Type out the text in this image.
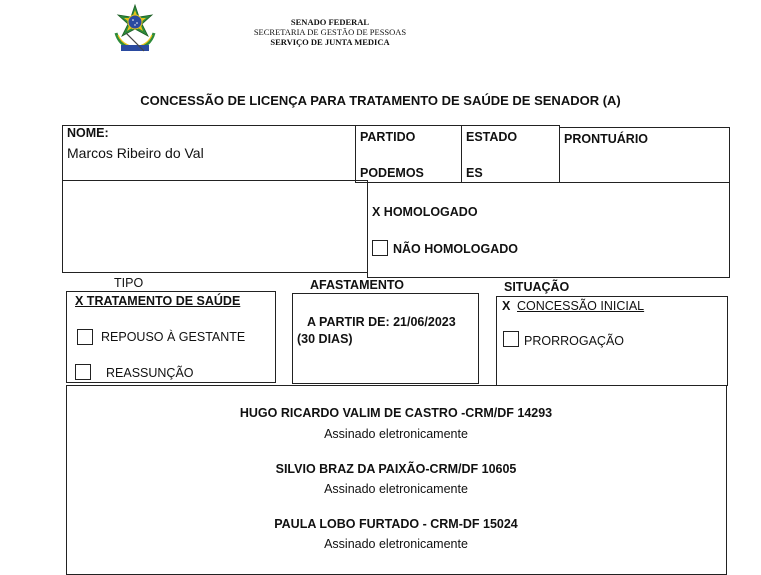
SENADO FEDERAL
SECRETARIA DE GESTÃO DE PESSOAS
SERVIÇO DE JUNTA MEDICA
CONCESSÃO DE LICENÇA PARA TRATAMENTO DE SAÚDE DE SENADOR (A)
NOME:
Marcos Ribeiro do Val
PARTIDO
PODEMOS
ESTADO
ES
PRONTUÁRIO
X HOMOLOGADO
NÃO HOMOLOGADO
TIPO	AFASTAMENTO	SITUAÇÃO
X TRATAMENTO DE SAÚDE
REPOUSO À GESTANTE
REASSUNÇÃO
A PARTIR DE: 21/06/2023
(30 DIAS)
X CONCESSÃO INICIAL
PRORROGAÇÃO
HUGO RICARDO VALIM DE CASTRO -CRM/DF 14293
Assinado eletronicamente
SILVIO BRAZ DA PAIXÃO-CRM/DF 10605
Assinado eletronicamente
PAULA LOBO FURTADO - CRM-DF 15024
Assinado eletronicamente
